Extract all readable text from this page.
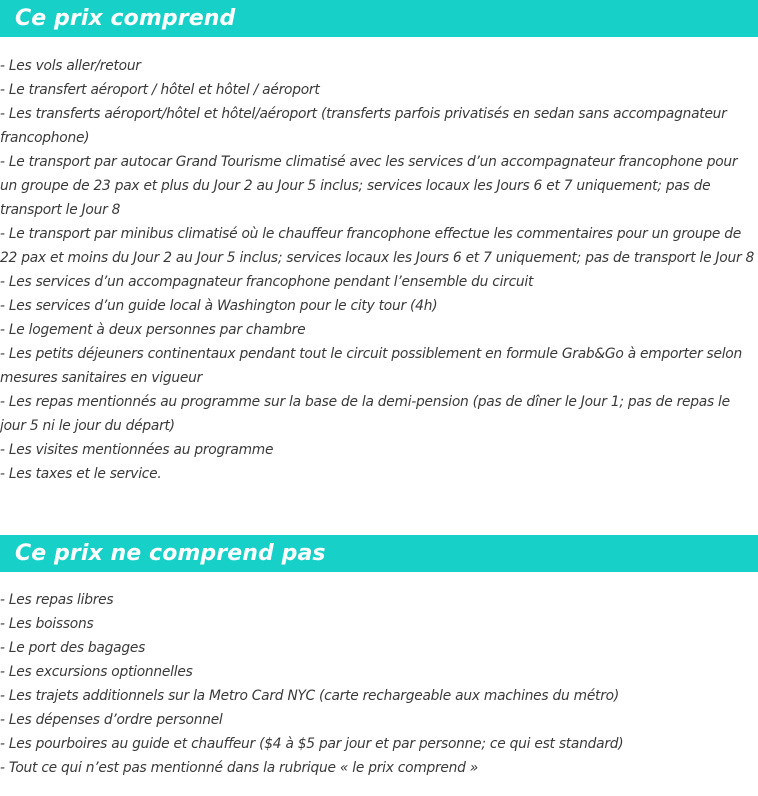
Ce prix comprend
- Les vols aller/retour
- Le transfert aéroport / hôtel et hôtel / aéroport
- Les transferts aéroport/hôtel et hôtel/aéroport (transferts parfois privatisés en sedan sans accompagnateur francophone)
- Le transport par autocar Grand Tourisme climatisé avec les services d’un accompagnateur francophone pour un groupe de 23 pax et plus du Jour 2 au Jour 5 inclus; services locaux les Jours 6 et 7 uniquement; pas de transport le Jour 8
- Le transport par minibus climatisé où le chauffeur francophone effectue les commentaires pour un groupe de 22 pax et moins du Jour 2 au Jour 5 inclus; services locaux les Jours 6 et 7 uniquement; pas de transport le Jour 8
- Les services d’un accompagnateur francophone pendant l’ensemble du circuit
- Les services d’un guide local à Washington pour le city tour (4h)
- Le logement à deux personnes par chambre
- Les petits déjeuners continentaux pendant tout le circuit possiblement en formule Grab&Go à emporter selon mesures sanitaires en vigueur
- Les repas mentionnés au programme sur la base de la demi-pension (pas de dîner le Jour 1; pas de repas le jour 5 ni le jour du départ)
- Les visites mentionnées au programme
- Les taxes et le service.
Ce prix ne comprend pas
- Les repas libres
- Les boissons
- Le port des bagages
- Les excursions optionnelles
- Les trajets additionnels sur la Metro Card NYC (carte rechargeable aux machines du métro)
- Les dépenses d’ordre personnel
- Les pourboires au guide et chauffeur ($4 à $5 par jour et par personne; ce qui est standard)
- Tout ce qui n’est pas mentionné dans la rubrique « le prix comprend »
